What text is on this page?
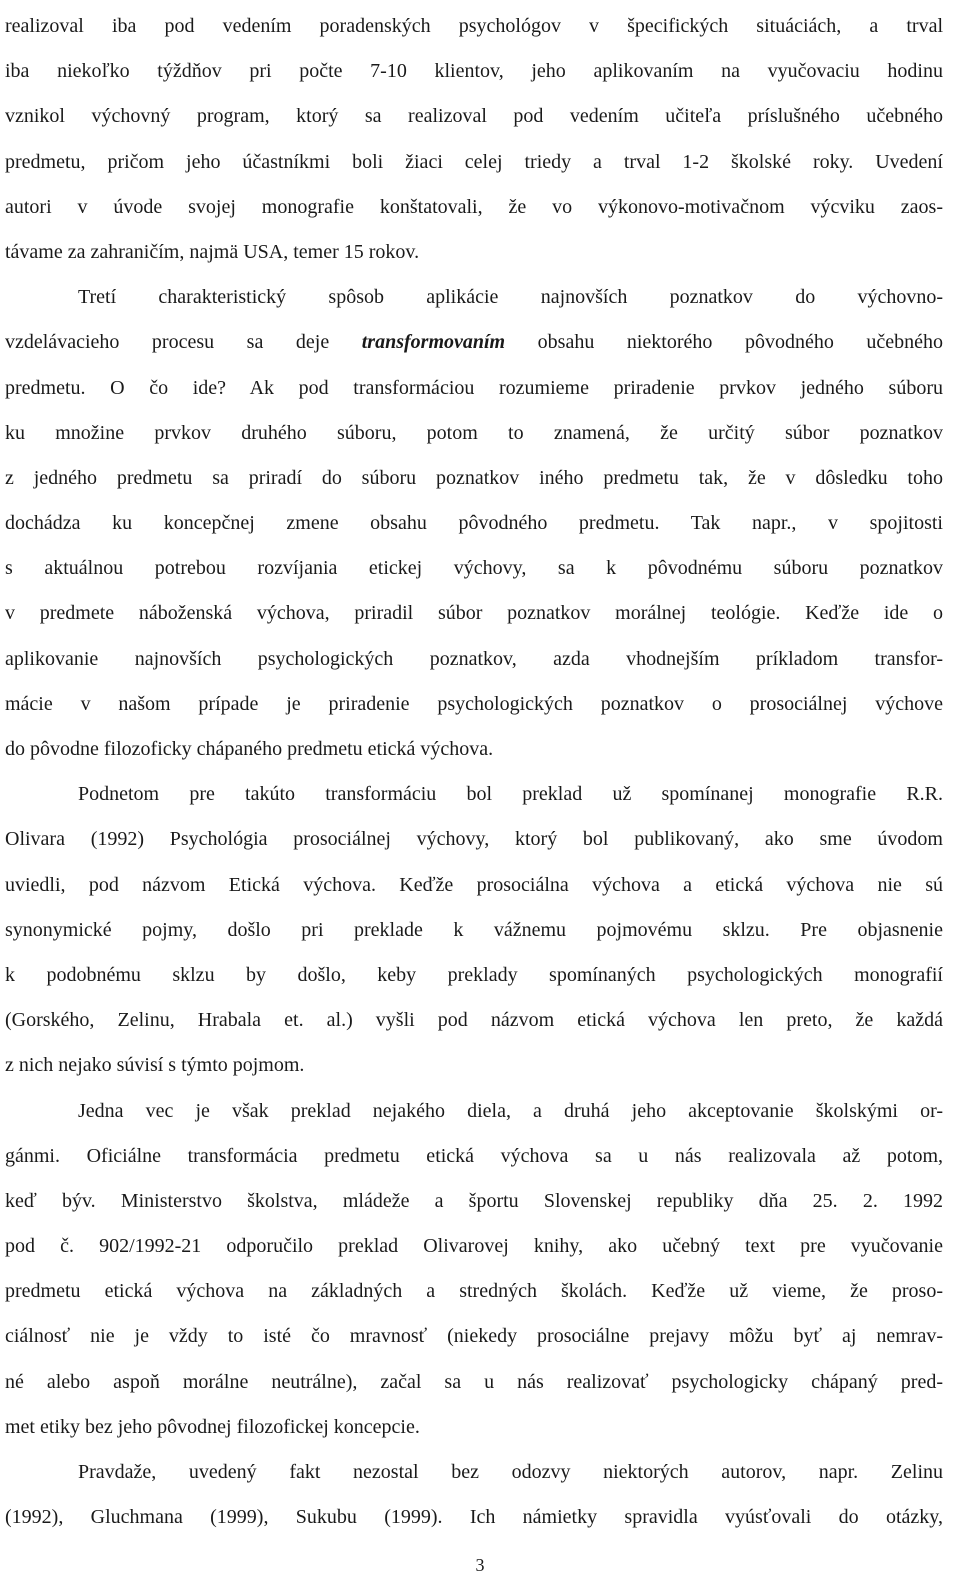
realizoval iba pod vedením poradenských psychológov v špecifických situáciách, a trval
iba niekoľko týždňov pri počte 7-10 klientov, jeho aplikovaním na vyučovaciu hodinu
vznikol výchovný program, ktorý sa realizoval pod vedením učiteľa príslušného učebného
predmetu, pričom jeho účastníkmi boli žiaci celej triedy a trval 1-2 školské roky. Uvedení
autori v úvode svojej monografie konštatovali, že vo výkonovo-motivačnom výcviku zaos-
távame za zahraničím, najmä USA, temer 15 rokov.
Tretí charakteristický spôsob aplikácie najnovších poznatkov do výchovno-
vzdelávacieho procesu sa deje transformovaním obsahu niektorého pôvodného učebného
predmetu. O čo ide? Ak pod transformáciou rozumieme priradenie prvkov jedného súboru
ku množine prvkov druhého súboru, potom to znamená, že určitý súbor poznatkov
z jedného predmetu sa priradí do súboru poznatkov iného predmetu tak, že v dôsledku toho
dochádza ku koncepčnej zmene obsahu pôvodného predmetu. Tak napr., v spojitosti
s aktuálnou potrebou rozvíjania etickej výchovy, sa k pôvodnému súboru poznatkov
v predmete náboženská výchova, priradil súbor poznatkov morálnej teológie. Keďže ide o
aplikovanie najnovších psychologických poznatkov, azda vhodnejším príkladom transfor-
mácie v našom prípade je priradenie psychologických poznatkov o prosociálnej výchove
do pôvodne filozoficky chápaného predmetu etická výchova.
Podnetom pre takúto transformáciu bol preklad už spomínanej monografie R.R.
Olivara (1992) Psychológia prosociálnej výchovy, ktorý bol publikovaný, ako sme úvodom
uviedli, pod názvom Etická výchova. Keďže prosociálna výchova a etická výchova nie sú
synonymické pojmy, došlo pri preklade k vážnemu pojmovému sklzu. Pre objasnenie
k podobnému sklzu by došlo, keby preklady spomínaných psychologických monografií
(Gorského, Zelinu, Hrabala et. al.) vyšli pod názvom etická výchova len preto, že každá
z nich nejako súvisí s týmto pojmom.
Jedna vec je však preklad nejakého diela, a druhá jeho akceptovanie školskými or-
gánmi. Oficiálne transformácia predmetu etická výchova sa u nás realizovala až potom,
keď býv. Ministerstvo školstva, mládeže a športu Slovenskej republiky dňa 25. 2. 1992
pod č. 902/1992-21 odporučilo preklad Olivarovej knihy, ako učebný text pre vyučovanie
predmetu etická výchova na základných a stredných školách. Keďže už vieme, že proso-
ciálnosť nie je vždy to isté čo mravnosť (niekedy prosociálne prejavy môžu byť aj nemrav-
né alebo aspoň morálne neutrálne), začal sa u nás realizovať psychologicky chápaný pred-
met etiky bez jeho pôvodnej filozofickej koncepcie.
Pravdaže, uvedený fakt nezostal bez odozvy niektorých autorov, napr. Zelinu
(1992), Gluchmana (1999), Sukubu (1999). Ich námietky spravidla vyúsťovali do otázky,
3
